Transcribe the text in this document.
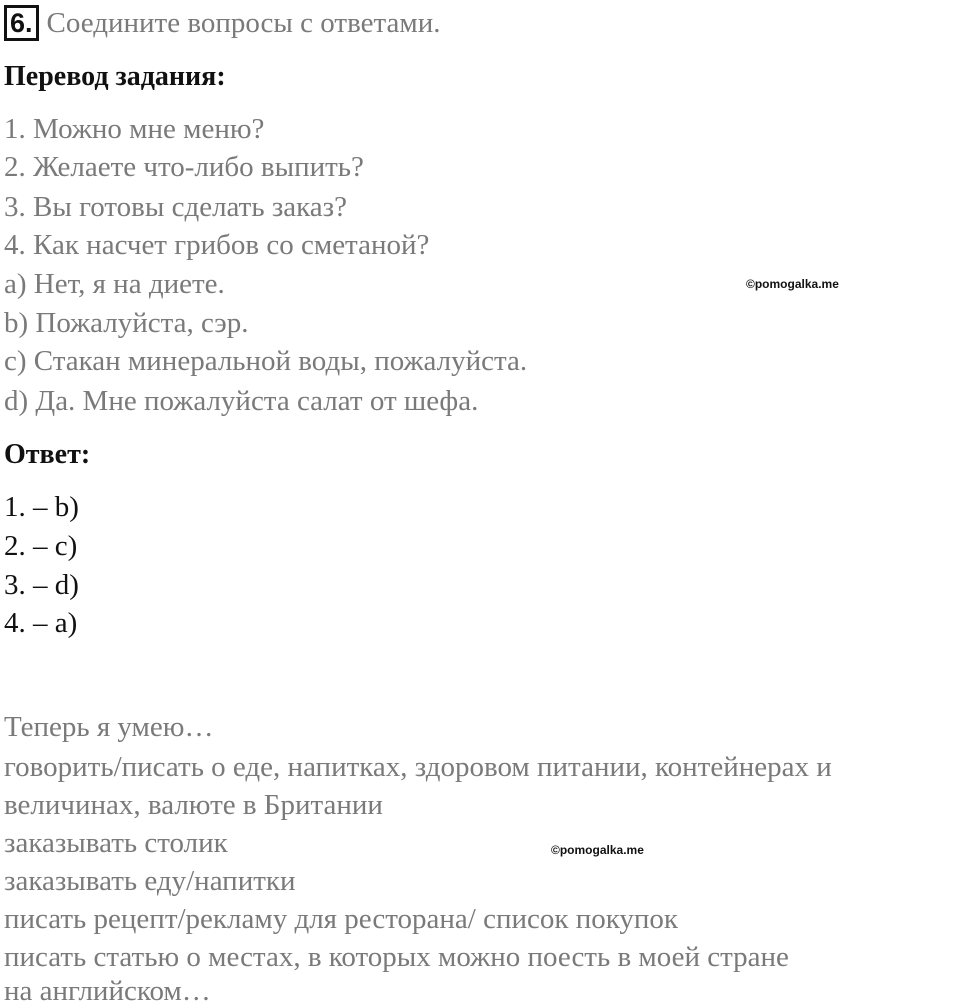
6. Соедините вопросы с ответами.
Перевод задания:
1. Можно мне меню?
2. Желаете что-либо выпить?
3. Вы готовы сделать заказ?
4. Как насчет грибов со сметаной?
a) Нет, я на диете.
b) Пожалуйста, сэр.
c) Стакан минеральной воды, пожалуйста.
d) Да. Мне пожалуйста салат от шефа.
©pomogalka.me
Ответ:
1. – b)
2. – c)
3. – d)
4. – a)
Теперь я умею…
говорить/писать о еде, напитках, здоровом питании, контейнерах и
величинах, валюте в Британии
заказывать столик
заказывать еду/напитки
писать рецепт/рекламу для ресторана/ список покупок
писать статью о местах, в которых можно поесть в моей стране
на английском…
©pomogalka.me
